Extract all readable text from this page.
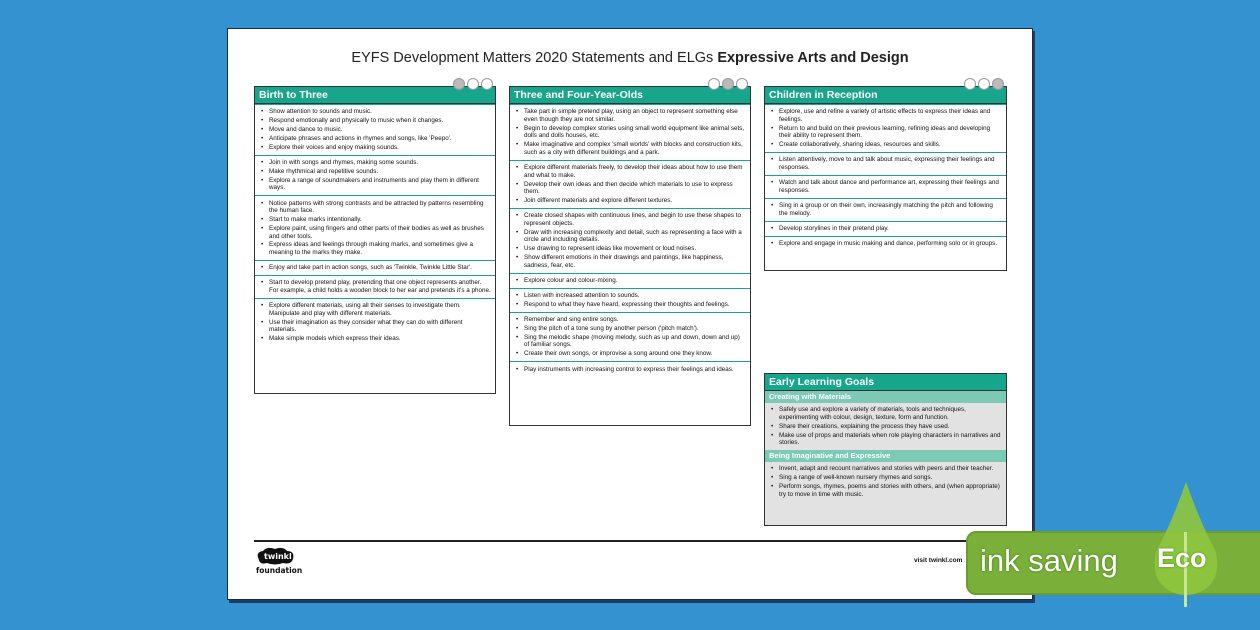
EYFS Development Matters 2020 Statements and ELGs Expressive Arts and Design
Birth to Three
• Show attention to sounds and music.
• Respond emotionally and physically to music when it changes.
• Move and dance to music.
• Anticipate phrases and actions in rhymes and songs, like 'Peepo'.
• Explore their voices and enjoy making sounds.
• Join in with songs and rhymes, making some sounds.
• Make rhythmical and repetitive sounds.
• Explore a range of soundmakers and instruments and play them in different ways.
• Notice patterns with strong contrasts and be attracted by patterns resembling the human face.
• Start to make marks intentionally.
• Explore paint, using fingers and other parts of their bodies as well as brushes and other tools.
• Express ideas and feelings through making marks, and sometimes give a meaning to the marks they make.
• Enjoy and take part in action songs, such as 'Twinkle, Twinkle Little Star'.
• Start to develop pretend play, pretending that one object represents another. For example, a child holds a wooden block to her ear and pretends it's a phone.
• Explore different materials, using all their senses to investigate them. Manipulate and play with different materials.
• Use their imagination as they consider what they can do with different materials.
• Make simple models which express their ideas.
Three and Four-Year-Olds
• Take part in simple pretend play, using an object to represent something else even though they are not similar.
• Begin to develop complex stories using small world equipment like animal sets, dolls and dolls houses, etc.
• Make imaginative and complex 'small worlds' with blocks and construction kits, such as a city with different buildings and a park.
• Explore different materials freely, to develop their ideas about how to use them and what to make.
• Develop their own ideas and then decide which materials to use to express them.
• Join different materials and explore different textures.
• Create closed shapes with continuous lines, and begin to use these shapes to represent objects.
• Draw with increasing complexity and detail, such as representing a face with a circle and including details.
• Use drawing to represent ideas like movement or loud noises.
• Show different emotions in their drawings and paintings, like happiness, sadness, fear, etc.
• Explore colour and colour-mixing.
• Listen with increased attention to sounds.
• Respond to what they have heard, expressing their thoughts and feelings.
• Remember and sing entire songs.
• Sing the pitch of a tone sung by another person ('pitch match').
• Sing the melodic shape (moving melody, such as up and down, down and up) of familiar songs.
• Create their own songs, or improvise a song around one they know.
• Play instruments with increasing control to express their feelings and ideas.
Children in Reception
• Explore, use and refine a variety of artistic effects to express their ideas and feelings.
• Return to and build on their previous learning, refining ideas and developing their ability to represent them.
• Create collaboratively, sharing ideas, resources and skills.
• Listen attentively, move to and talk about music, expressing their feelings and responses.
• Watch and talk about dance and performance art, expressing their feelings and responses.
• Sing in a group or on their own, increasingly matching the pitch and following the melody.
• Develop storylines in their pretend play.
• Explore and engage in music making and dance, performing solo or in groups.
Early Learning Goals
Creating with Materials
• Safely use and explore a variety of materials, tools and techniques, experimenting with colour, design, texture, form and function.
• Share their creations, explaining the process they have used.
• Make use of props and materials when role playing characters in narratives and stories.
Being Imaginative and Expressive
• Invent, adapt and recount narratives and stories with peers and their teacher.
• Sing a range of well-known nursery rhymes and songs.
• Perform songs, rhymes, poems and stories with others, and (when appropriate) try to move in time with music.
twinkl
foundation
visit twinkl.com ink saving Eco
